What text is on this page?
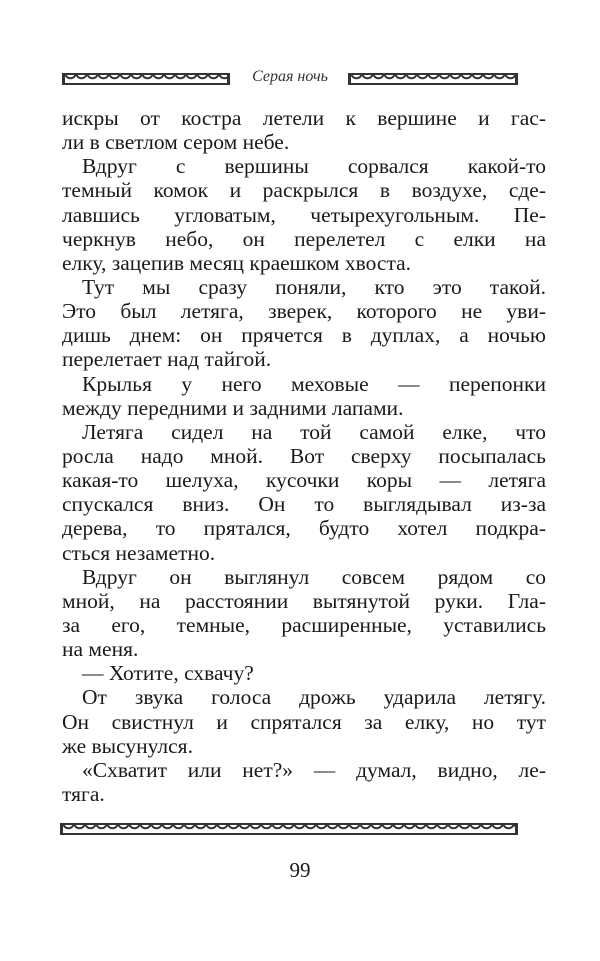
Серая ночь
искры от костра летели к вершине и гас-
ли в светлом сером небе.
Вдруг с вершины сорвался какой-то
темный комок и раскрылся в воздухе, сде-
лавшись угловатым, четырехугольным. Пе-
черкнув небо, он перелетел с елки на
елку, зацепив месяц краешком хвоста.
Тут мы сразу поняли, кто это такой.
Это был летяга, зверек, которого не уви-
дишь днем: он прячется в дуплах, а ночью
перелетает над тайгой.
Крылья у него меховые — перепонки
между передними и задними лапами.
Летяга сидел на той самой елке, что
росла надо мной. Вот сверху посыпалась
какая-то шелуха, кусочки коры — летяга
спускался вниз. Он то выглядывал из-за
дерева, то прятался, будто хотел подкра-
сться незаметно.
Вдруг он выглянул совсем рядом со
мной, на расстоянии вытянутой руки. Гла-
за его, темные, расширенные, уставились
на меня.
— Хотите, схвачу?
От звука голоса дрожь ударила летягу.
Он свистнул и спрятался за елку, но тут
же высунулся.
«Схватит или нет?» — думал, видно, ле-
тяга.
99
